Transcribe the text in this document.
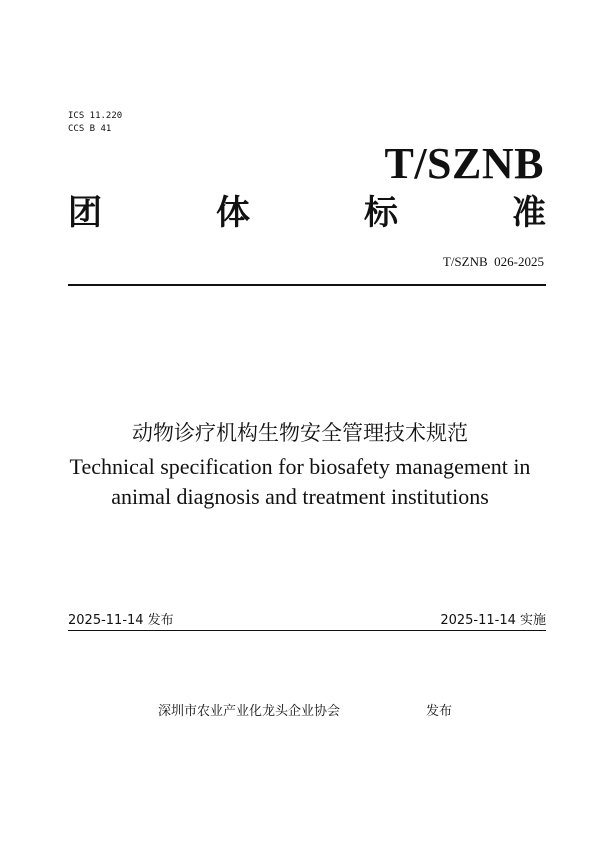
ICS 11.220
CCS B 41
T/SZNB
团	体	标	准
T/SZNB  026-2025
动物诊疗机构生物安全管理技术规范
Technical specification for biosafety management in
animal diagnosis and treatment institutions
2025-11-14 发布	2025-11-14 实施
深圳市农业产业化龙头企业协会	发布
